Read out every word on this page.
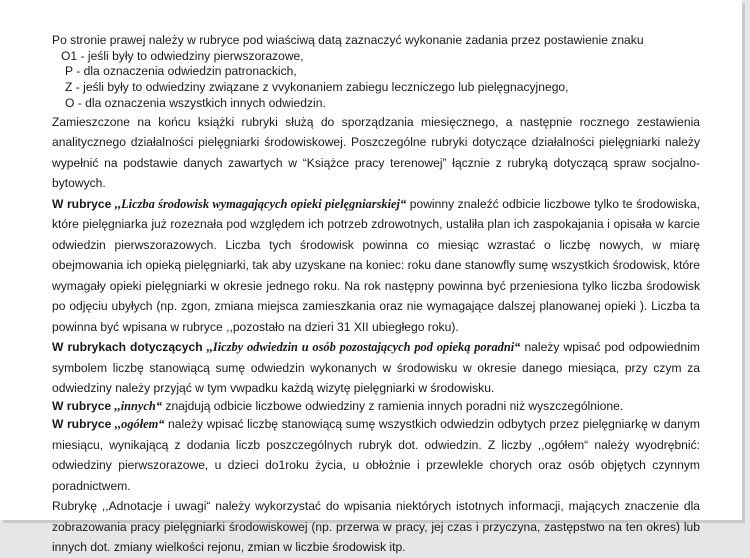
Po stronie prawej należy w rubryce pod wiaściwą datą zaznaczyć wykonanie zadania przez postawienie znaku

O1 - jeśli były to odwiedziny pierwszorazowe,

P - dla oznaczenia odwiedzin patronackich,

Z - jeśli były to odwiedziny związane z vvykonaniem zabiegu leczniczego lub pielęgnacyjnego,

O - dla oznaczenia wszystkich innych odwiedzin.

Zamieszczone na końcu książki rubryki służą do sporządzania miesięcznego, a następnie rocznego zestawienia analitycznego działalności pielęgniarki środowiskowej. Poszczególne rubryki dotyczące działalności pielęgniarki należy wypełnić na podstawie danych zawartych w “Książce pracy terenowej” łącznie z rubryką dotyczącą spraw socjalno-bytowych.

W rubryce ,,Liczba środowisk wymagających opieki pielęgniarskiej“ powinny znaleźć odbicie liczbowe tylko te środowiska, które pielęgniarka już rozeznała pod względem ich potrzeb zdrowotnych, ustaliła plan ich zaspokajania i opisała w karcie odwiedzin pierwszorazowych. Liczba tych środowisk powinna co miesiąc wzrastać o liczbę nowych, w miarę obejmowania ich opieką pielęgniarki, tak aby uzyskane na koniec: roku dane stanowfly sumę wszystkich środowisk, które wymagały opieki pielęgniarki w okresie jednego roku. Na rok następny powinna być przeniesiona tylko liczba środowisk po odjęciu ubyłych (np. zgon, zmiana miejsca zamieszkania oraz nie wymagające dalszej planowanej opieki ). Liczba ta powinna być wpisana w rubryce ,,pozostało na dzieri 31 XII ubiegłego roku).

W rubrykach dotyczących ,,Iiczby odwiedzin u osób pozostających pod opieką poradni“ należy wpisać pod odpowiednim symbolem liczbę stanowiącą sumę odwiedzin wykonanych w środowisku w okresie danego miesiąca, przy czym za odwiedziny należy przyjąć w tym vwpadku każdą wizytę pielęgniarki w środowisku.

W rubryce ,,innych“ znajdują odbicie liczbowe odwiedziny z ramienia innych poradni niż wyszczególnione.

W rubryce ,,ogółem“ należy wpisać liczbę stanowiącą sumę wszystkich odwiedzin odbytych przez pielęgniarkę w danym miesiącu, wynikającą z dodania liczb poszczególnych rubryk dot. odwiedzin. Z liczby ,,ogółem“ należy wyodrębnić: odwiedziny pierwszorazowe, u dzieci do1roku życia, u obłożnie i przewlekle chorych oraz osób objętych czynnym poradnictwem.

Rubrykę ,,Adnotacje i uwagi“ należy wykorzystać do wpisania niektórych istotnych informacji, mających znaczenie dla zobrazowania pracy pielęgniarki środowiskowej (np. przerwa w pracy, jej czas i przyczyna, zastępstwo na ten okres) lub innych dot. zmiany wielkości rejonu, zmian w liczbie środowisk itp.
